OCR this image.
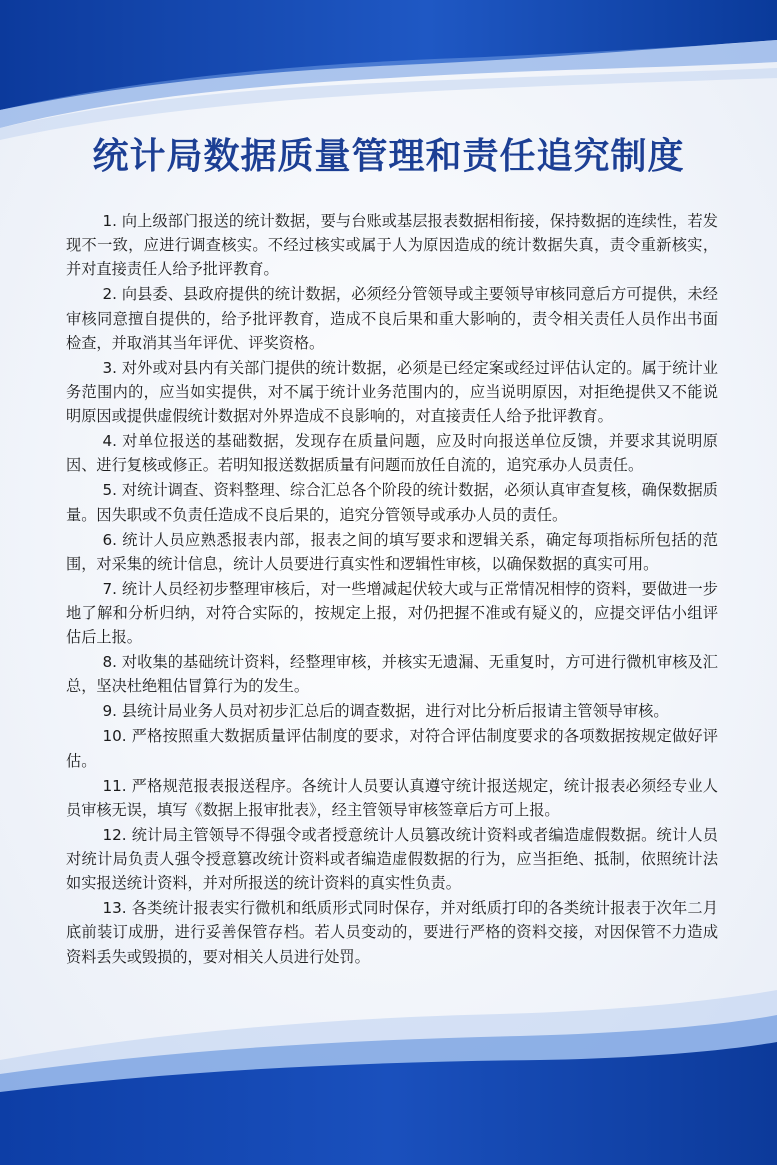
统计局数据质量管理和责任追究制度

1. 向上级部门报送的统计数据，要与台账或基层报表数据相衔接，保持数据的连续性，若发现不一致，应进行调查核实。不经过核实或属于人为原因造成的统计数据失真，责令重新核实，并对直接责任人给予批评教育。

2. 向县委、县政府提供的统计数据，必须经分管领导或主要领导审核同意后方可提供，未经审核同意擅自提供的，给予批评教育，造成不良后果和重大影响的，责令相关责任人员作出书面检查，并取消其当年评优、评奖资格。

3. 对外或对县内有关部门提供的统计数据，必须是已经定案或经过评估认定的。属于统计业务范围内的，应当如实提供，对不属于统计业务范围内的，应当说明原因，对拒绝提供又不能说明原因或提供虚假统计数据对外界造成不良影响的，对直接责任人给予批评教育。

4. 对单位报送的基础数据，发现存在质量问题，应及时向报送单位反馈，并要求其说明原因、进行复核或修正。若明知报送数据质量有问题而放任自流的，追究承办人员责任。

5. 对统计调查、资料整理、综合汇总各个阶段的统计数据，必须认真审查复核，确保数据质量。因失职或不负责任造成不良后果的，追究分管领导或承办人员的责任。

6. 统计人员应熟悉报表内部，报表之间的填写要求和逻辑关系，确定每项指标所包括的范围，对采集的统计信息，统计人员要进行真实性和逻辑性审核，以确保数据的真实可用。

7. 统计人员经初步整理审核后，对一些增减起伏较大或与正常情况相悖的资料，要做进一步地了解和分析归纳，对符合实际的，按规定上报，对仍把握不准或有疑义的，应提交评估小组评估后上报。

8. 对收集的基础统计资料，经整理审核，并核实无遗漏、无重复时，方可进行微机审核及汇总，坚决杜绝粗估冒算行为的发生。

9. 县统计局业务人员对初步汇总后的调查数据，进行对比分析后报请主管领导审核。

10. 严格按照重大数据质量评估制度的要求，对符合评估制度要求的各项数据按规定做好评估。

11. 严格规范报表报送程序。各统计人员要认真遵守统计报送规定，统计报表必须经专业人员审核无误，填写《数据上报审批表》，经主管领导审核签章后方可上报。

12. 统计局主管领导不得强令或者授意统计人员篡改统计资料或者编造虚假数据。统计人员对统计局负责人强令授意篡改统计资料或者编造虚假数据的行为，应当拒绝、抵制，依照统计法如实报送统计资料，并对所报送的统计资料的真实性负责。

13. 各类统计报表实行微机和纸质形式同时保存，并对纸质打印的各类统计报表于次年二月底前装订成册，进行妥善保管存档。若人员变动的，要进行严格的资料交接，对因保管不力造成资料丢失或毁损的，要对相关人员进行处罚。
